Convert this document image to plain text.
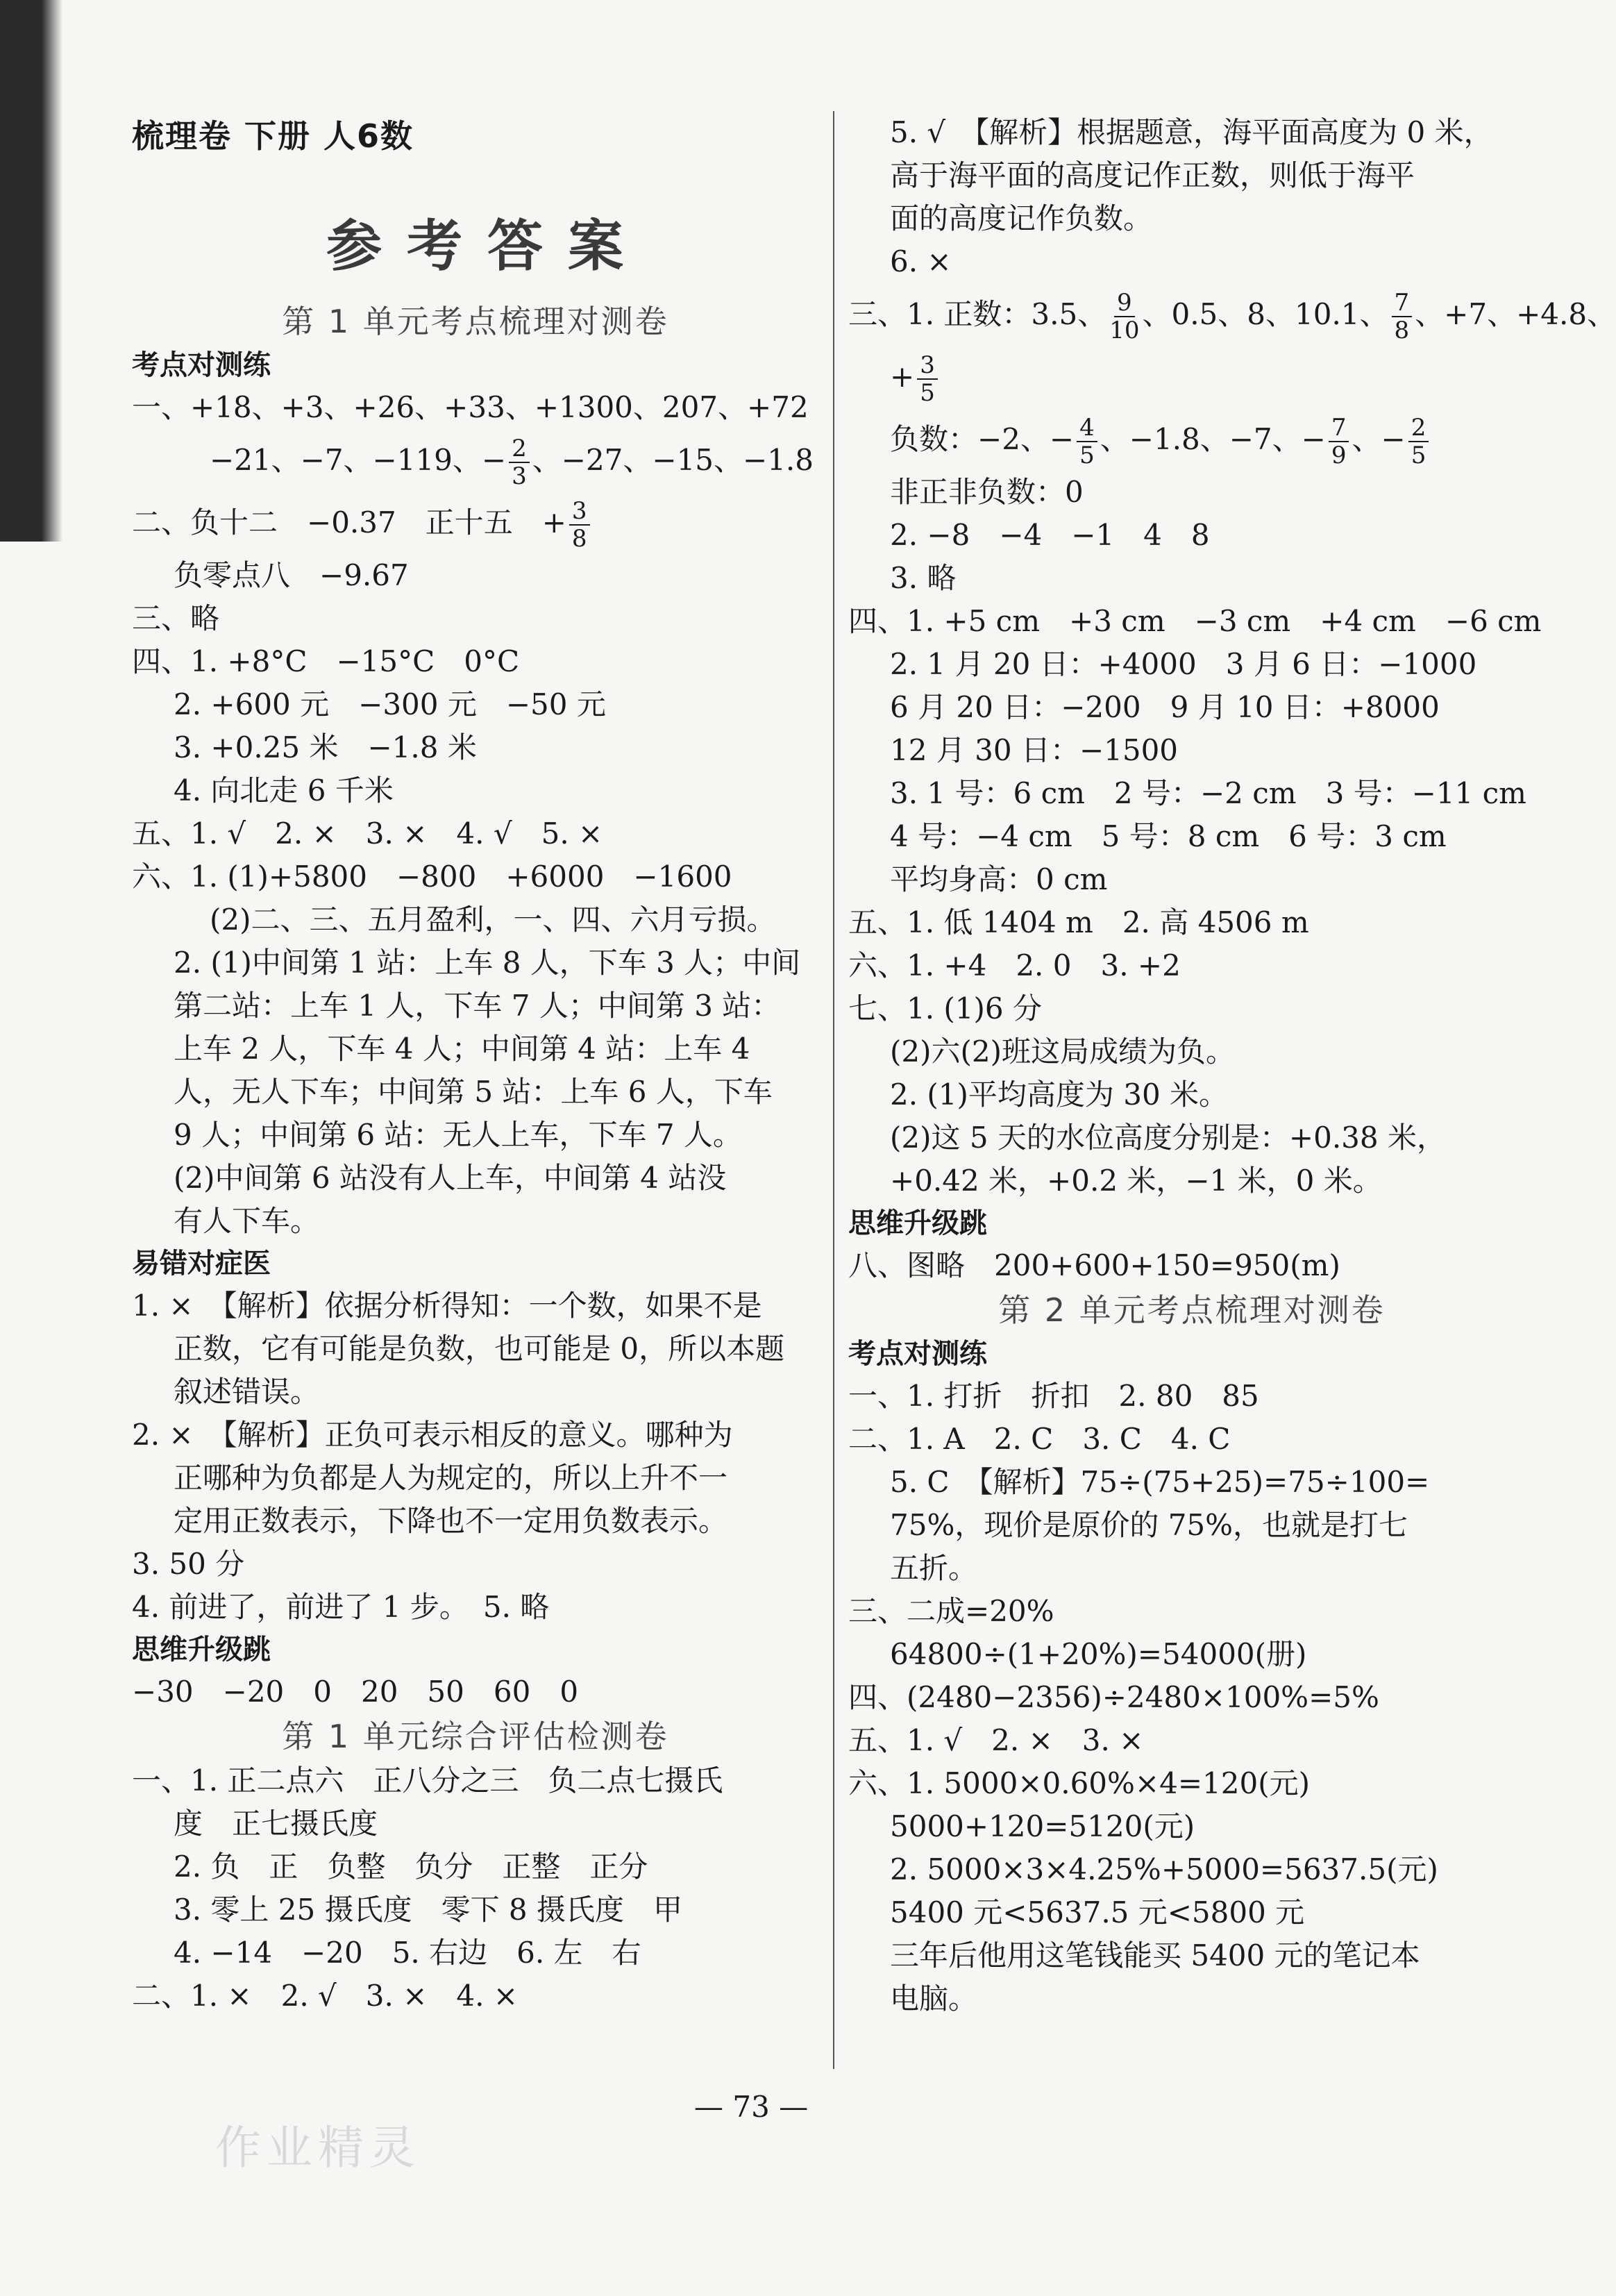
梳理卷 下册 人6数
参考答案
第 1 单元考点梳理对测卷
考点对测练
一、+18、+3、+26、+33、+1300、207、+72
−21、−7、−119、− $\frac{2}{3}$ 、−27、−15、−1.8
二、负十二　−0.37　正十五　+ $\frac{3}{8}$
负零点八　−9.67
三、略
四、1. +8°C　−15°C　0°C
2. +600 元　−300 元　−50 元
3. +0.25 米　−1.8 米
4. 向北走 6 千米
五、1. √　2. ×　3. ×　4. √　5. ×
六、1. (1)+5800　−800　+6000　−1600
(2)二、三、五月盈利，一、四、六月亏损。
2. (1)中间第 1 站：上车 8 人，下车 3 人；中间
第二站：上车 1 人，下车 7 人；中间第 3 站：
上车 2 人，下车 4 人；中间第 4 站：上车 4
人，无人下车；中间第 5 站：上车 6 人，下车
9 人；中间第 6 站：无人上车，下车 7 人。
(2)中间第 6 站没有人上车，中间第 4 站没
有人下车。
易错对症医
1. ×　【解析】依据分析得知：一个数，如果不是
正数，它有可能是负数，也可能是 0，所以本题
叙述错误。
2. ×　【解析】正负可表示相反的意义。哪种为
正哪种为负都是人为规定的，所以上升不一
定用正数表示，下降也不一定用负数表示。
3. 50 分
4. 前进了，前进了 1 步。　5. 略
思维升级跳
−30　−20　0　20　50　60　0
第 1 单元综合评估检测卷
一、1. 正二点六　正八分之三　负二点七摄氏
度　正七摄氏度
2. 负　正　负整　负分　正整　正分
3. 零上 25 摄氏度　零下 8 摄氏度　甲
4. −14　−20　5. 右边　6. 左　右
二、1. ×　2. √　3. ×　4. ×
5. √　【解析】根据题意，海平面高度为 0 米，
高于海平面的高度记作正数，则低于海平
面的高度记作负数。
6. ×
三、1. 正数：3.5、 $\frac{9}{10}$ 、0.5、8、10.1、 $\frac{7}{8}$ 、+7、+4.8、
+ $\frac{3}{5}$
负数：−2、− $\frac{4}{5}$ 、−1.8、−7、− $\frac{7}{9}$ 、− $\frac{2}{5}$
非正非负数：0
2. −8　−4　−1　4　8
3. 略
四、1. +5 cm　+3 cm　−3 cm　+4 cm　−6 cm
2. 1 月 20 日：+4000　3 月 6 日：−1000
6 月 20 日：−200　9 月 10 日：+8000
12 月 30 日：−1500
3. 1 号：6 cm　2 号：−2 cm　3 号：−11 cm
4 号：−4 cm　5 号：8 cm　6 号：3 cm
平均身高：0 cm
五、1. 低 1404 m　2. 高 4506 m
六、1. +4　2. 0　3. +2
七、1. (1)6 分
(2)六(2)班这局成绩为负。
2. (1)平均高度为 30 米。
(2)这 5 天的水位高度分别是：+0.38 米，
+0.42 米，+0.2 米，−1 米，0 米。
思维升级跳
八、图略　200+600+150=950(m)
第 2 单元考点梳理对测卷
考点对测练
一、1. 打折　折扣　2. 80　85
二、1. A　2. C　3. C　4. C
5. C　【解析】75÷(75+25)=75÷100=
75%，现价是原价的 75%，也就是打七
五折。
三、二成=20%
64800÷(1+20%)=54000(册)
四、(2480−2356)÷2480×100%=5%
五、1. √　2. ×　3. ×
六、1. 5000×0.60%×4=120(元)
5000+120=5120(元)
2. 5000×3×4.25%+5000=5637.5(元)
5400 元<5637.5 元<5800 元
三年后他用这笔钱能买 5400 元的笔记本
电脑。
— 73 —
作业精灵
